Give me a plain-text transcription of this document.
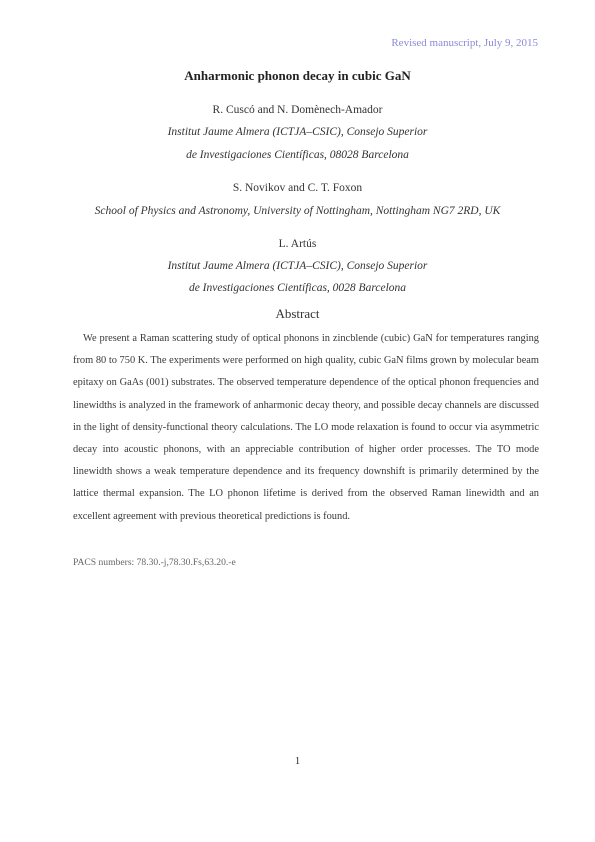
Revised manuscript, July 9, 2015
Anharmonic phonon decay in cubic GaN
R. Cuscó and N. Domènech-Amador
Institut Jaume Almera (ICTJA–CSIC), Consejo Superior
de Investigaciones Científicas, 08028 Barcelona
S. Novikov and C. T. Foxon
School of Physics and Astronomy, University of Nottingham, Nottingham NG7 2RD, UK
L. Artús
Institut Jaume Almera (ICTJA–CSIC), Consejo Superior
de Investigaciones Científicas, 0028 Barcelona
Abstract
We present a Raman scattering study of optical phonons in zincblende (cubic) GaN for temperatures ranging from 80 to 750 K. The experiments were performed on high quality, cubic GaN films grown by molecular beam epitaxy on GaAs (001) substrates. The observed temperature dependence of the optical phonon frequencies and linewidths is analyzed in the framework of anharmonic decay theory, and possible decay channels are discussed in the light of density-functional theory calculations. The LO mode relaxation is found to occur via asymmetric decay into acoustic phonons, with an appreciable contribution of higher order processes. The TO mode linewidth shows a weak temperature dependence and its frequency downshift is primarily determined by the lattice thermal expansion. The LO phonon lifetime is derived from the observed Raman linewidth and an excellent agreement with previous theoretical predictions is found.
PACS numbers: 78.30.-j,78.30.Fs,63.20.-e
1
